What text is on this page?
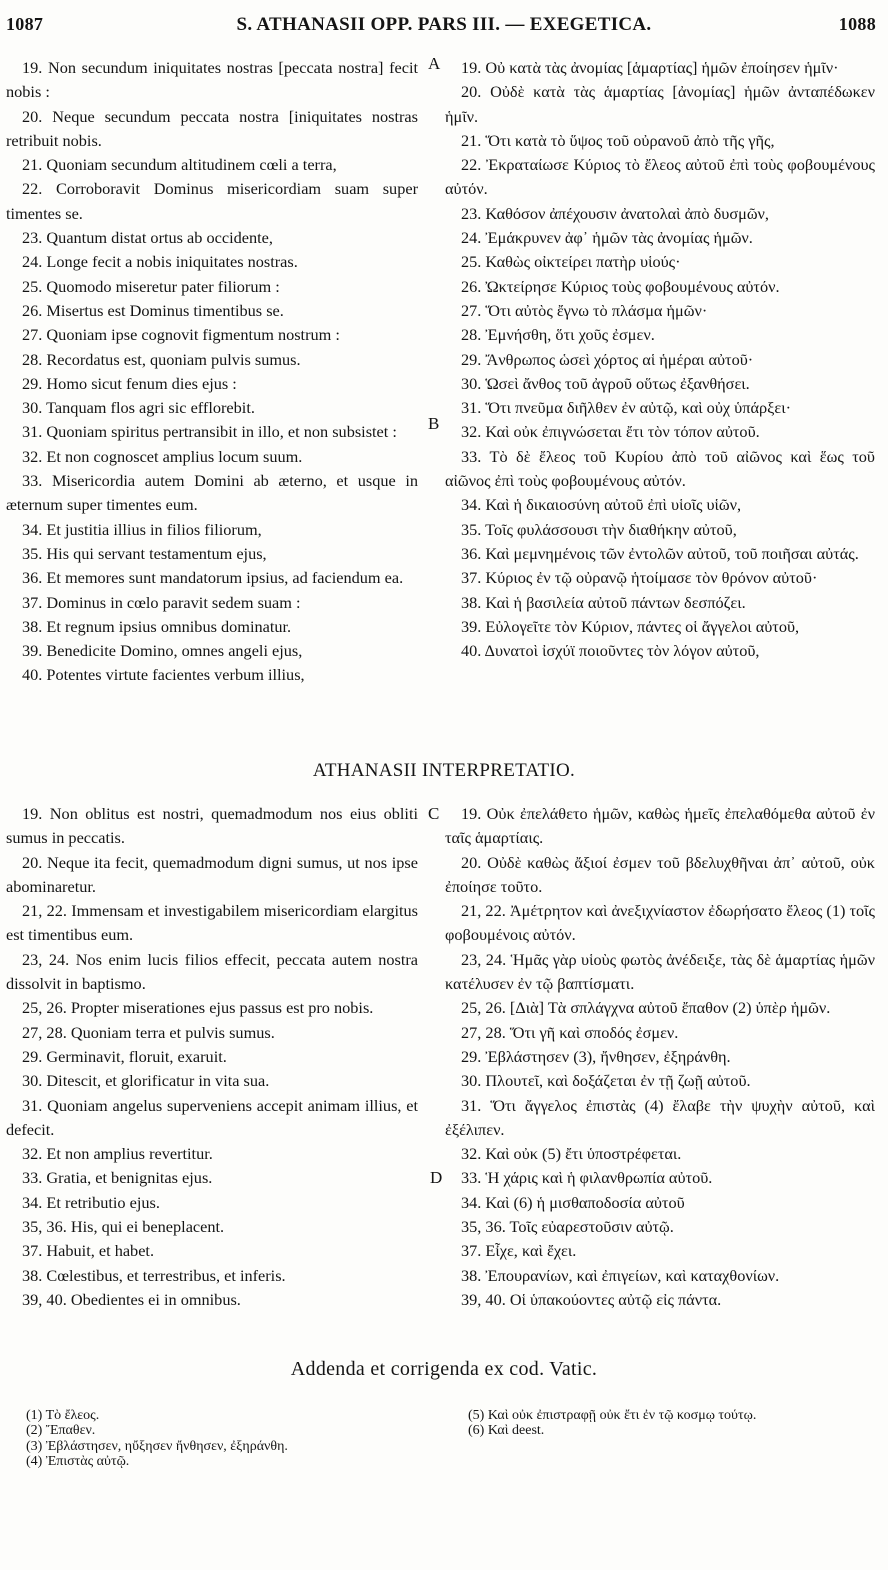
1087	S. ATHANASII OPP. PARS III. — EXEGETICA.	1088
A
B
C
D

19. Non secundum iniquitates nostras [peccata nostra] fecit nobis :

20. Neque secundum peccata nostra [iniquitates nostras retribuit nobis.

21. Quoniam secundum altitudinem cœli a terra,

22. Corroboravit Dominus misericordiam suam super timentes se.

23. Quantum distat ortus ab occidente,

24. Longe fecit a nobis iniquitates nostras.

25. Quomodo miseretur pater filiorum :

26. Misertus est Dominus timentibus se.

27. Quoniam ipse cognovit figmentum nostrum :

28. Recordatus est, quoniam pulvis sumus.

29. Homo sicut fenum dies ejus :

30. Tanquam flos agri sic efflorebit.

31. Quoniam spiritus pertransibit in illo, et non subsistet :

32. Et non cognoscet amplius locum suum.

33. Misericordia autem Domini ab æterno, et usque in æternum super timentes eum.

34. Et justitia illius in filios filiorum,

35. His qui servant testamentum ejus,

36. Et memores sunt mandatorum ipsius, ad faciendum ea.

37. Dominus in cœlo paravit sedem suam :

38. Et regnum ipsius omnibus dominatur.

39. Benedicite Domino, omnes angeli ejus,

40. Potentes virtute facientes verbum illius,

19. Οὐ κατὰ τὰς ἀνομίας [ἁμαρτίας] ἡμῶν ἐποίησεν ἡμῖν·

20. Οὐδὲ κατὰ τὰς ἁμαρτίας [ἀνομίας] ἡμῶν ἀνταπέδωκεν ἡμῖν.

21. Ὅτι κατὰ τὸ ὕψος τοῦ οὐρανοῦ ἀπὸ τῆς γῆς,

22. Ἐκραταίωσε Κύριος τὸ ἔλεος αὐτοῦ ἐπὶ τοὺς φοβουμένους αὐτόν.

23. Καθόσον ἀπέχουσιν ἀνατολαὶ ἀπὸ δυσμῶν,

24. Ἐμάκρυνεν ἀφ᾽ ἡμῶν τὰς ἀνομίας ἡμῶν.

25. Καθὼς οἰκτείρει πατὴρ υἱούς·

26. Ὠκτείρησε Κύριος τοὺς φοβουμένους αὐτόν.

27. Ὅτι αὐτὸς ἔγνω τὸ πλάσμα ἡμῶν·

28. Ἐμνήσθη, ὅτι χοῦς ἐσμεν.

29. Ἄνθρωπος ὡσεὶ χόρτος αἱ ἡμέραι αὐτοῦ·

30. Ὡσεὶ ἄνθος τοῦ ἀγροῦ οὕτως ἐξανθήσει.

31. Ὅτι πνεῦμα διῆλθεν ἐν αὐτῷ, καὶ οὐχ ὑπάρξει·

32. Καὶ οὐκ ἐπιγνώσεται ἔτι τὸν τόπον αὐτοῦ.

33. Τὸ δὲ ἔλεος τοῦ Κυρίου ἀπὸ τοῦ αἰῶνος καὶ ἕως τοῦ αἰῶνος ἐπὶ τοὺς φοβουμένους αὐτόν.

34. Καὶ ἡ δικαιοσύνη αὐτοῦ ἐπὶ υἱοῖς υἱῶν,

35. Τοῖς φυλάσσουσι τὴν διαθήκην αὐτοῦ,

36. Καὶ μεμνημένοις τῶν ἐντολῶν αὐτοῦ, τοῦ ποιῆσαι αὐτάς.

37. Κύριος ἐν τῷ οὐρανῷ ἡτοίμασε τὸν θρόνον αὐτοῦ·

38. Καὶ ἡ βασιλεία αὐτοῦ πάντων δεσπόζει.

39. Εὐλογεῖτε τὸν Κύριον, πάντες οἱ ἄγγελοι αὐτοῦ,

40. Δυνατοὶ ἰσχύϊ ποιοῦντες τὸν λόγον αὐτοῦ,

ATHANASII INTERPRETATIO.

19. Non oblitus est nostri, quemadmodum nos eius obliti sumus in peccatis.

20. Neque ita fecit, quemadmodum digni sumus, ut nos ipse abominaretur.

21, 22. Immensam et investigabilem misericordiam elargitus est timentibus eum.

23, 24. Nos enim lucis filios effecit, peccata autem nostra dissolvit in baptismo.

25, 26. Propter miserationes ejus passus est pro nobis.

27, 28. Quoniam terra et pulvis sumus.

29. Germinavit, floruit, exaruit.

30. Ditescit, et glorificatur in vita sua.

31. Quoniam angelus superveniens accepit animam illius, et defecit.

32. Et non amplius revertitur.

33. Gratia, et benignitas ejus.

34. Et retributio ejus.

35, 36. His, qui ei beneplacent.

37. Habuit, et habet.

38. Cœlestibus, et terrestribus, et inferis.

39, 40. Obedientes ei in omnibus.

19. Οὐκ ἐπελάθετο ἡμῶν, καθὼς ἡμεῖς ἐπελαθόμεθα αὐτοῦ ἐν ταῖς ἁμαρτίαις.

20. Οὐδὲ καθὼς ἄξιοί ἐσμεν τοῦ βδελυχθῆναι ἀπ᾽ αὐτοῦ, οὐκ ἐποίησε τοῦτο.

21, 22. Ἀμέτρητον καὶ ἀνεξιχνίαστον ἐδωρήσατο ἔλεος (1) τοῖς φοβουμένοις αὐτόν.

23, 24. Ἡμᾶς γὰρ υἱοὺς φωτὸς ἀνέδειξε, τὰς δὲ ἁμαρτίας ἡμῶν κατέλυσεν ἐν τῷ βαπτίσματι.

25, 26. [Διὰ] Τὰ σπλάγχνα αὐτοῦ ἔπαθον (2) ὑπὲρ ἡμῶν.

27, 28. Ὅτι γῆ καὶ σποδός ἐσμεν.

29. Ἐβλάστησεν (3), ἤνθησεν, ἐξηράνθη.

30. Πλουτεῖ, καὶ δοξάζεται ἐν τῇ ζωῇ αὐτοῦ.

31. Ὅτι ἄγγελος ἐπιστὰς (4) ἔλαβε τὴν ψυχὴν αὐτοῦ, καὶ ἐξέλιπεν.

32. Καὶ οὐκ (5) ἔτι ὑποστρέφεται.

33. Ἡ χάρις καὶ ἡ φιλανθρωπία αὐτοῦ.

34. Καὶ (6) ἡ μισθαποδοσία αὐτοῦ

35, 36. Τοῖς εὐαρεστοῦσιν αὐτῷ.

37. Εἶχε, καὶ ἔχει.

38. Ἐπουρανίων, καὶ ἐπιγείων, καὶ καταχθονίων.

39, 40. Οἱ ὑπακούοντες αὐτῷ εἰς πάντα.

Addenda et corrigenda ex cod. Vatic.

(1) Τὸ ἔλεος.

(2) Ἔπαθεν.

(3) Ἐβλάστησεν, ηὔξησεν ἤνθησεν, ἐξηράνθη.

(4) Ἐπιστὰς αὐτῷ.

(5) Καὶ οὐκ ἐπιστραφῇ οὐκ ἔτι ἐν τῷ κοσμῳ τούτῳ.

(6) Καὶ deest.
